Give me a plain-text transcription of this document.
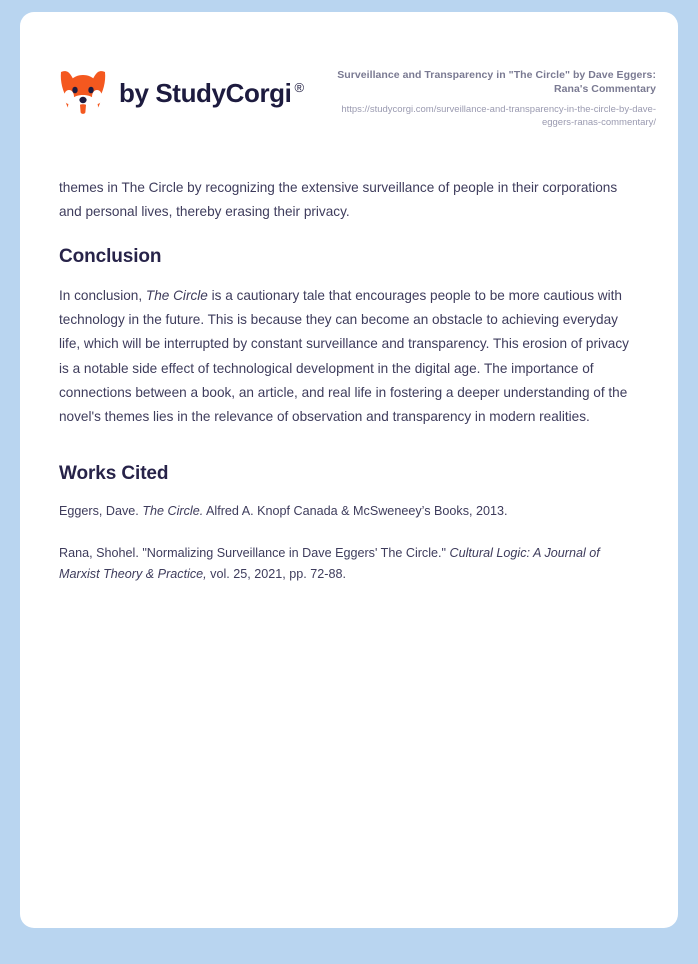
by StudyCorgi ®

Surveillance and Transparency in "The Circle" by Dave Eggers: Rana's Commentary

https://studycorgi.com/surveillance-and-transparency-in-the-circle-by-dave-eggers-ranas-commentary/

themes in The Circle by recognizing the extensive surveillance of people in their corporations and personal lives, thereby erasing their privacy.

Conclusion

In conclusion, The Circle is a cautionary tale that encourages people to be more cautious with technology in the future. This is because they can become an obstacle to achieving everyday life, which will be interrupted by constant surveillance and transparency. This erosion of privacy is a notable side effect of technological development in the digital age. The importance of connections between a book, an article, and real life in fostering a deeper understanding of the novel's themes lies in the relevance of observation and transparency in modern realities.

Works Cited

Eggers, Dave. The Circle. Alfred A. Knopf Canada & McSweneey’s Books, 2013.

Rana, Shohel. "Normalizing Surveillance in Dave Eggers' The Circle." Cultural Logic: A Journal of Marxist Theory & Practice, vol. 25, 2021, pp. 72-88.
